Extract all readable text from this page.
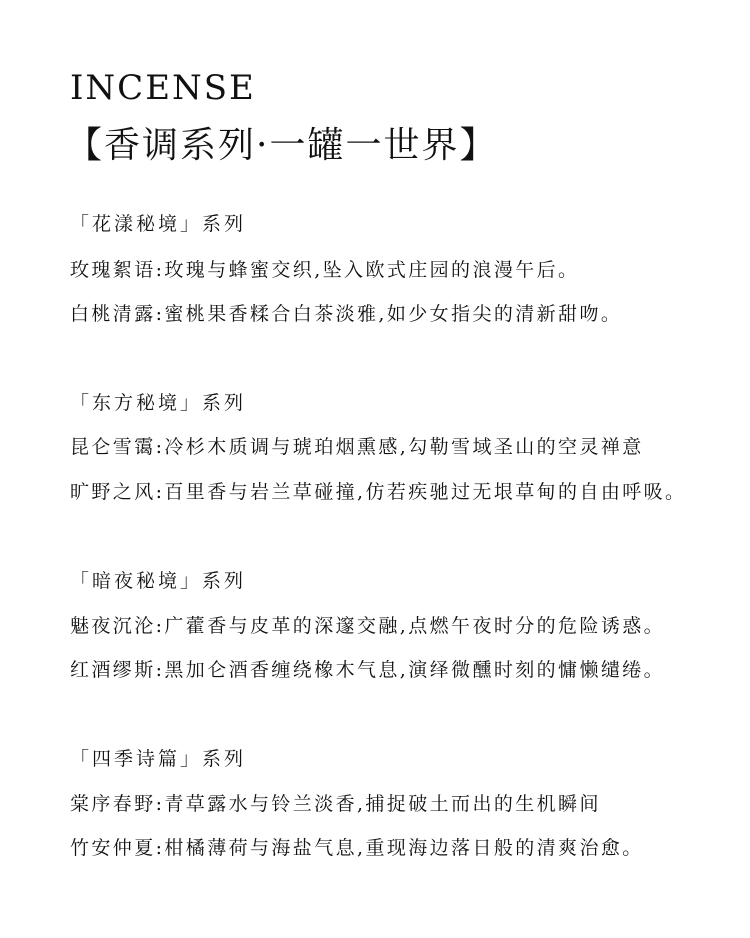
INCENSE
【香调系列·一罐一世界】
「花漾秘境」系列
玫瑰絮语:玫瑰与蜂蜜交织,坠入欧式庄园的浪漫午后。
白桃清露:蜜桃果香糅合白茶淡雅,如少女指尖的清新甜吻。
「东方秘境」系列
昆仑雪霭:冷杉木质调与琥珀烟熏感,勾勒雪域圣山的空灵禅意
旷野之风:百里香与岩兰草碰撞,仿若疾驰过无垠草甸的自由呼吸。
「暗夜秘境」系列
魅夜沉沦:广藿香与皮革的深邃交融,点燃午夜时分的危险诱惑。
红酒缪斯:黑加仑酒香缠绕橡木气息,演绎微醺时刻的慵懒缱绻。
「四季诗篇」系列
棠序春野:青草露水与铃兰淡香,捕捉破土而出的生机瞬间
竹安仲夏:柑橘薄荷与海盐气息,重现海边落日般的清爽治愈。
